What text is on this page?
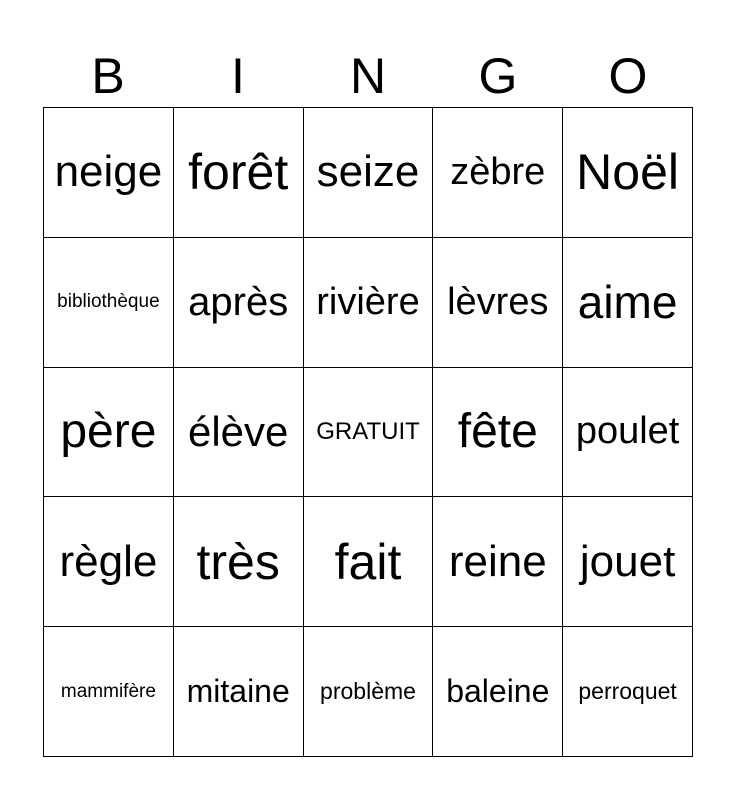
B	I	N	G	O
neige forêt seize zèbre Noël
bibliothèque après rivière lèvres aime
père élève GRATUIT fête poulet
règle très fait reine jouet
mammifère mitaine problème baleine perroquet
